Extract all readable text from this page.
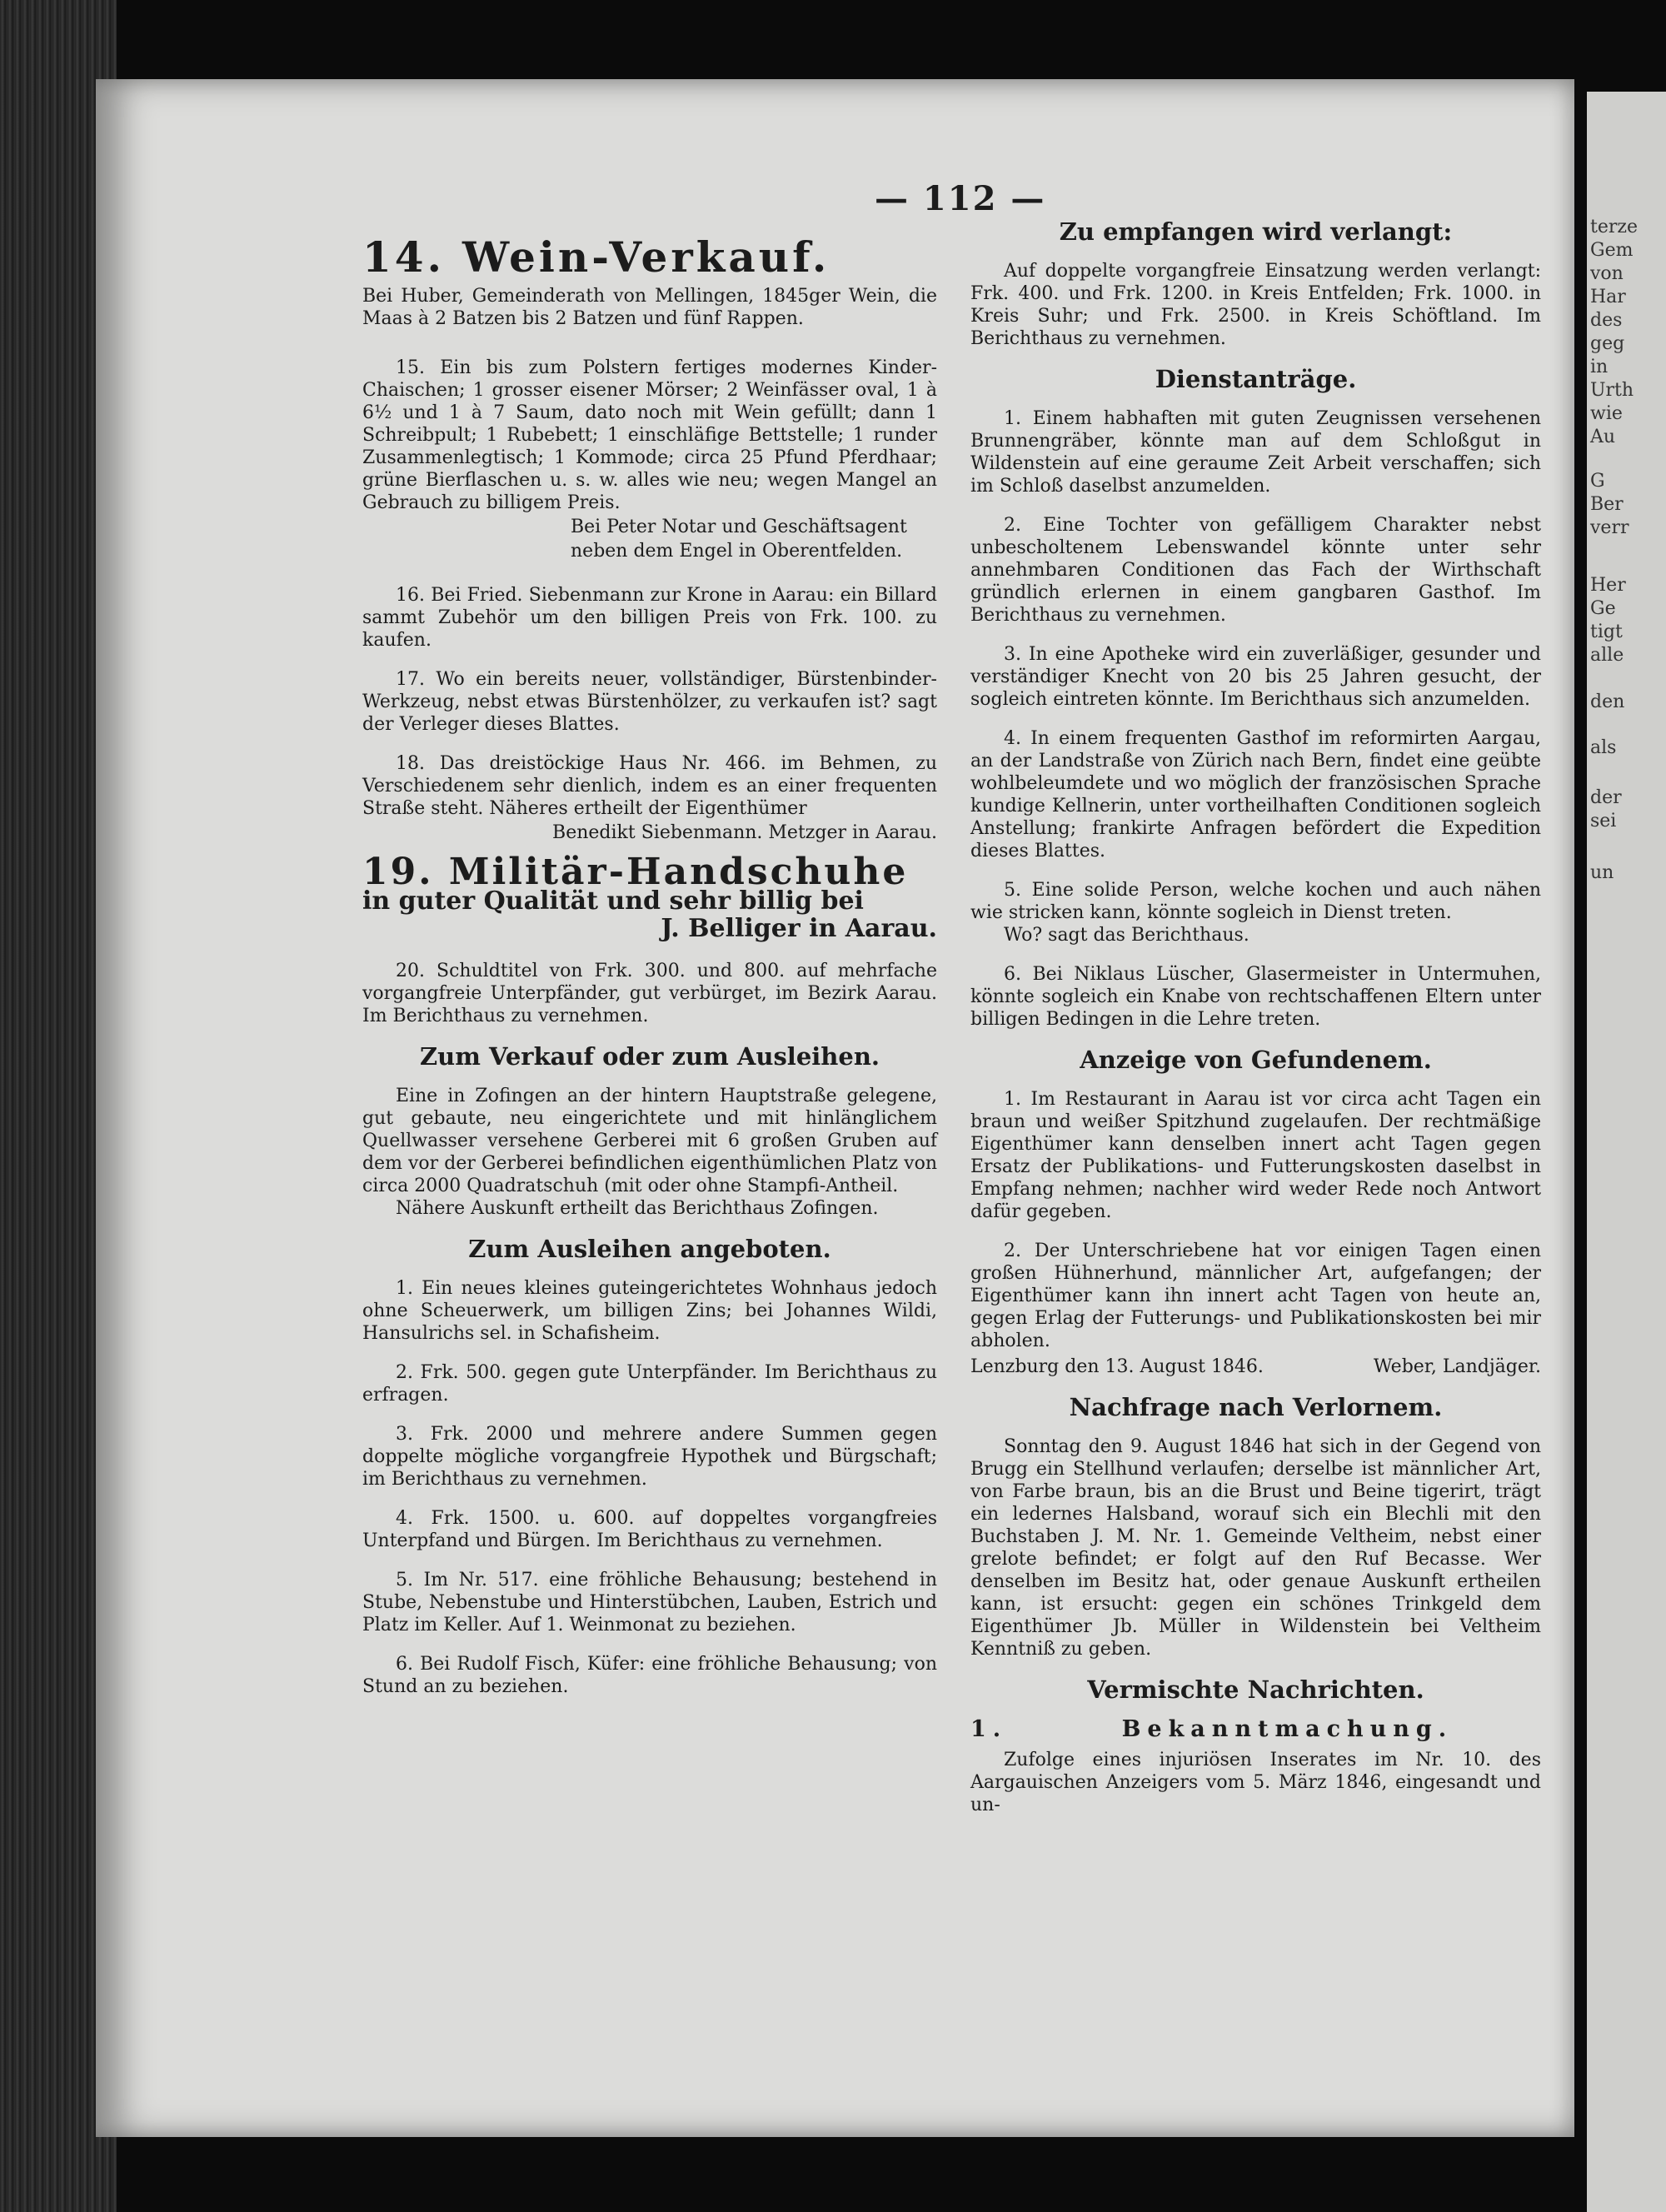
terze
Gem
von
Har
des
geg
in
Urth
wie
Au
G
Ber
verr
Her
Ge
tigt
alle
den
als
der
sei
un
— 112 —
14. Wein-Verkauf.

Bei Huber, Gemeinderath von Mellingen, 1845ger Wein, die Maas à 2 Batzen bis 2 Batzen und fünf Rappen.

15. Ein bis zum Polstern fertiges modernes Kinder-Chaischen; 1 grosser eisener Mörser; 2 Weinfässer oval, 1 à 6½ und 1 à 7 Saum, dato noch mit Wein gefüllt; dann 1 Schreibpult; 1 Rubebett; 1 einschläfige Bettstelle; 1 runder Zusammenlegtisch; 1 Kommode; circa 25 Pfund Pferdhaar; grüne Bierflaschen u. s. w. alles wie neu; wegen Mangel an Gebrauch zu billigem Preis.

Bei Peter Notar und Geschäftsagent
neben dem Engel in Oberentfelden.

16. Bei Fried. Siebenmann zur Krone in Aarau: ein Billard sammt Zubehör um den billigen Preis von Frk. 100. zu kaufen.

17. Wo ein bereits neuer, vollständiger, Bürstenbinder-Werkzeug, nebst etwas Bürstenhölzer, zu verkaufen ist? sagt der Verleger dieses Blattes.

18. Das dreistöckige Haus Nr. 466. im Behmen, zu Verschiedenem sehr dienlich, indem es an einer frequenten Straße steht. Näheres ertheilt der Eigenthümer

Benedikt Siebenmann. Metzger in Aarau.
19. Militär-Handschuhe
in guter Qualität und sehr billig bei
J. Belliger in Aarau.

20. Schuldtitel von Frk. 300. und 800. auf mehrfache vorgangfreie Unterpfänder, gut verbürget, im Bezirk Aarau. Im Berichthaus zu vernehmen.

Zum Verkauf oder zum Ausleihen.

Eine in Zofingen an der hintern Hauptstraße gelegene, gut gebaute, neu eingerichtete und mit hinlänglichem Quellwasser versehene Gerberei mit 6 großen Gruben auf dem vor der Gerberei befindlichen eigenthümlichen Platz von circa 2000 Quadratschuh (mit oder ohne Stampfi-Antheil.

Nähere Auskunft ertheilt das Berichthaus Zofingen.

Zum Ausleihen angeboten.

1. Ein neues kleines guteingerichtetes Wohnhaus jedoch ohne Scheuerwerk, um billigen Zins; bei Johannes Wildi, Hansulrichs sel. in Schafisheim.

2. Frk. 500. gegen gute Unterpfänder. Im Berichthaus zu erfragen.

3. Frk. 2000 und mehrere andere Summen gegen doppelte mögliche vorgangfreie Hypothek und Bürgschaft; im Berichthaus zu vernehmen.

4. Frk. 1500. u. 600. auf doppeltes vorgangfreies Unterpfand und Bürgen. Im Berichthaus zu vernehmen.

5. Im Nr. 517. eine fröhliche Behausung; bestehend in Stube, Nebenstube und Hinterstübchen, Lauben, Estrich und Platz im Keller. Auf 1. Weinmonat zu beziehen.

6. Bei Rudolf Fisch, Küfer: eine fröhliche Behausung; von Stund an zu beziehen.

Zu empfangen wird verlangt:

Auf doppelte vorgangfreie Einsatzung werden verlangt: Frk. 400. und Frk. 1200. in Kreis Entfelden; Frk. 1000. in Kreis Suhr; und Frk. 2500. in Kreis Schöftland. Im Berichthaus zu vernehmen.

Dienstanträge.

1. Einem habhaften mit guten Zeugnissen versehenen Brunnengräber, könnte man auf dem Schloßgut in Wildenstein auf eine geraume Zeit Arbeit verschaffen; sich im Schloß daselbst anzumelden.

2. Eine Tochter von gefälligem Charakter nebst unbescholtenem Lebenswandel könnte unter sehr annehmbaren Conditionen das Fach der Wirthschaft gründlich erlernen in einem gangbaren Gasthof. Im Berichthaus zu vernehmen.

3. In eine Apotheke wird ein zuverläßiger, gesunder und verständiger Knecht von 20 bis 25 Jahren gesucht, der sogleich eintreten könnte. Im Berichthaus sich anzumelden.

4. In einem frequenten Gasthof im reformirten Aargau, an der Landstraße von Zürich nach Bern, findet eine geübte wohlbeleumdete und wo möglich der französischen Sprache kundige Kellnerin, unter vortheilhaften Conditionen sogleich Anstellung; frankirte Anfragen befördert die Expedition dieses Blattes.

5. Eine solide Person, welche kochen und auch nähen wie stricken kann, könnte sogleich in Dienst treten.

Wo? sagt das Berichthaus.

6. Bei Niklaus Lüscher, Glasermeister in Untermuhen, könnte sogleich ein Knabe von rechtschaffenen Eltern unter billigen Bedingen in die Lehre treten.

Anzeige von Gefundenem.

1. Im Restaurant in Aarau ist vor circa acht Tagen ein braun und weißer Spitzhund zugelaufen. Der rechtmäßige Eigenthümer kann denselben innert acht Tagen gegen Ersatz der Publikations- und Futterungskosten daselbst in Empfang nehmen; nachher wird weder Rede noch Antwort dafür gegeben.

2. Der Unterschriebene hat vor einigen Tagen einen großen Hühnerhund, männlicher Art, aufgefangen; der Eigenthümer kann ihn innert acht Tagen von heute an, gegen Erlag der Futterungs- und Publikationskosten bei mir abholen.

Lenzburg den 13. August 1846.	Weber, Landjäger.
Nachfrage nach Verlornem.

Sonntag den 9. August 1846 hat sich in der Gegend von Brugg ein Stellhund verlaufen; derselbe ist männlicher Art, von Farbe braun, bis an die Brust und Beine tigerirt, trägt ein ledernes Halsband, worauf sich ein Blechli mit den Buchstaben J. M. Nr. 1. Gemeinde Veltheim, nebst einer grelote befindet; er folgt auf den Ruf Becasse. Wer denselben im Besitz hat, oder genaue Auskunft ertheilen kann, ist ersucht: gegen ein schönes Trinkgeld dem Eigenthümer Jb. Müller in Wildenstein bei Veltheim Kenntniß zu geben.

Vermischte Nachrichten.
1.	Bekanntmachung.

Zufolge eines injuriösen Inserates im Nr. 10. des Aargauischen Anzeigers vom 5. März 1846, eingesandt und un-
